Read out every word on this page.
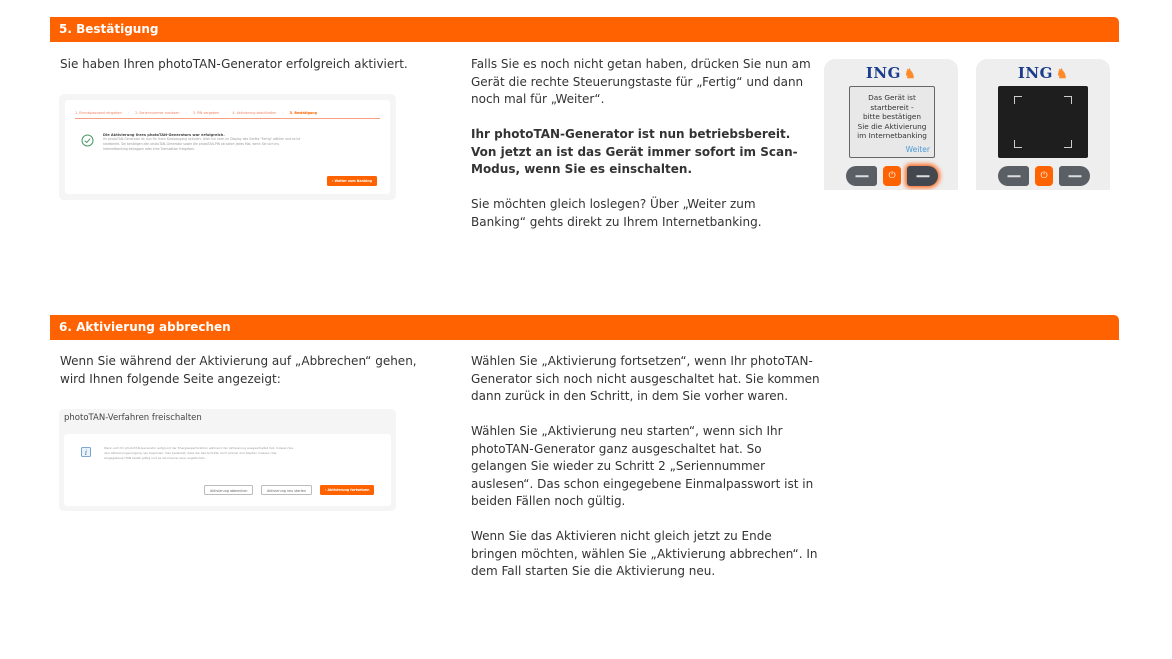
5. Bestätigung
Sie haben Ihren photoTAN-Generator erfolgreich aktiviert.
1. Einmalpasswort eingeben › 2. Seriennummer auslesen › 3. PIN vergeben › 4. Aktivierung abschließen › 5. Bestätigung
Die Aktivierung Ihres photoTAN-Generators war erfolgreich.
Ihr photoTAN-Generator ist nun für Ihren Kontozugang aktiviert. Jetzt nur noch im Display des Geräts "Fertig" wählen und es ist startbereit. Sie benötigen den photoTAN-Generator sowie die photoTAN-PIN ab sofort jedes Mal, wenn Sie sich ins Internetbanking einloggen oder eine Transaktion freigeben.
› Weiter zum Banking

Falls Sie es noch nicht getan haben, drücken Sie nun am Gerät die rechte Steuerungstaste für „Fertig“ und dann noch mal für „Weiter“.

Ihr photoTAN-Generator ist nun betriebsbereit. Von jetzt an ist das Gerät immer sofort im Scan-Modus, wenn Sie es einschalten.

Sie möchten gleich loslegen? Über „Weiter zum Banking“ gehts direkt zu Ihrem Internetbanking.

ING ♞
Das Gerät ist
startbereit -
bitte bestätigen
Sie die Aktivierung
im Internetbanking
Weiter
⏻
ING ♞
⏻
6. Aktivierung abbrechen
Wenn Sie während der Aktivierung auf „Abbrechen“ gehen, wird Ihnen folgende Seite angezeigt:
photoTAN-Verfahren freischalten
i
Wenn sich Ihr photoTAN-Generator aufgrund der Energiesparfunktion während der Aktivierung ausgeschaltet hat, müssen Sie den Aktivierungsvorgang neu beginnen. Das bedeutet, dass Sie alle Schritte noch einmal durchlaufen müssen. Die eingegebene iTAN bleibt gültig und es wird keine neue angefordert.
Aktivierung abbrechen	Aktivierung neu starten	› Aktivierung fortsetzen

Wählen Sie „Aktivierung fortsetzen“, wenn Ihr photoTAN-Generator sich noch nicht ausgeschaltet hat. Sie kommen dann zurück in den Schritt, in dem Sie vorher waren.

Wählen Sie „Aktivierung neu starten“, wenn sich Ihr photoTAN-Generator ganz ausgeschaltet hat. So gelangen Sie wieder zu Schritt 2 „Seriennummer auslesen“. Das schon eingegebene Einmalpasswort ist in beiden Fällen noch gültig.

Wenn Sie das Aktivieren nicht gleich jetzt zu Ende bringen möchten, wählen Sie „Aktivierung abbrechen“. In dem Fall starten Sie die Aktivierung neu.
